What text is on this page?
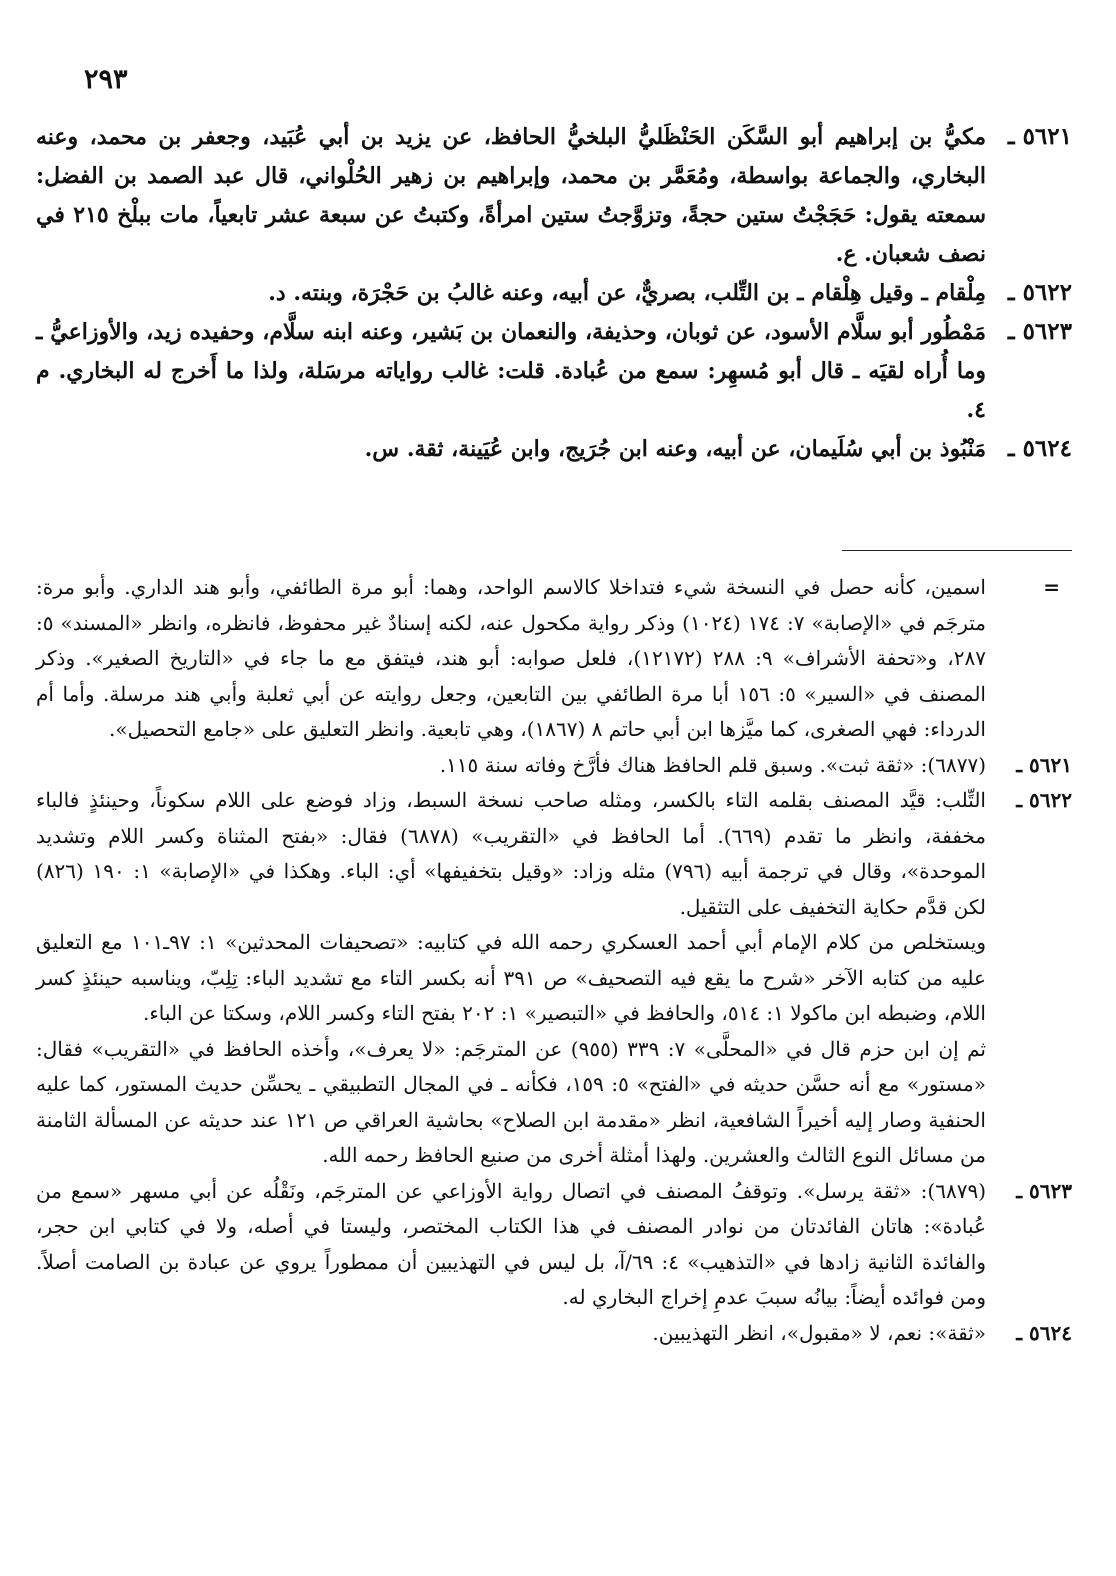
٢٩٣
٥٦٢١ ـ
مكيُّ بن إبراهيم أبو السَّكَن الحَنْظَليُّ البلخيُّ الحافظ، عن يزيد بن أبي عُبَيد، وجعفر بن محمد، وعنه البخاري، والجماعة بواسطة، ومُعَمَّر بن محمد، وإبراهيم بن زهير الحُلْواني، قال عبد الصمد بن الفضل: سمعته يقول: حَجَجْتُ ستين حجةً، وتزوَّجتُ ستين امرأةً، وكتبتُ عن سبعة عشر تابعياً، مات ببلْخ ٢١٥ في نصف شعبان. ع.
٥٦٢٢ ـ
مِلْقام ـ وقيل هِلْقام ـ بن التِّلب، بصريٌّ، عن أبيه، وعنه غالبُ بن حَجْرَة، وبنته. د.
٥٦٢٣ ـ
مَمْطُور أبو سلَّام الأسود، عن ثوبان، وحذيفة، والنعمان بن بَشير، وعنه ابنه سلَّام، وحفيده زيد، والأوزاعيُّ ـ وما أُراه لقيَه ـ قال أبو مُسهِر: سمع من عُبادة. قلت: غالب رواياته مرسَلة، ولذا ما أَخرج له البخاري. م ٤.
٥٦٢٤ ـ
مَنْبُوذ بن أبي سُلَيمان، عن أبيه، وعنه ابن جُرَيج، وابن عُيَينة، ثقة. س.
=
اسمين، كأنه حصل في النسخة شيء فتداخلا كالاسم الواحد، وهما: أبو مرة الطائفي، وأبو هند الداري. وأبو مرة: مترجَم في «الإصابة» ٧: ١٧٤ (١٠٢٤) وذكر رواية مكحول عنه، لكنه إسنادٌ غير محفوظ، فانظره، وانظر «المسند» ٥: ٢٨٧، و«تحفة الأشراف» ٩: ٢٨٨ (١٢١٧٢)، فلعل صوابه: أبو هند، فيتفق مع ما جاء في «التاريخ الصغير». وذكر المصنف في «السير» ٥: ١٥٦ أبا مرة الطائفي بين التابعين، وجعل روايته عن أبي ثعلبة وأبي هند مرسلة. وأما أم الدرداء: فهي الصغرى، كما ميَّزها ابن أبي حاتم ٨ (١٨٦٧)، وهي تابعية. وانظر التعليق على «جامع التحصيل».
٥٦٢١ ـ
(٦٨٧٧): «ثقة ثبت». وسبق قلم الحافظ هناك فأرَّخ وفاته سنة ١١٥.
٥٦٢٢ ـ
التِّلب: قيَّد المصنف بقلمه التاء بالكسر، ومثله صاحب نسخة السبط، وزاد فوضع على اللام سكوناً، وحينئذٍ فالباء مخففة، وانظر ما تقدم (٦٦٩). أما الحافظ في «التقريب» (٦٨٧٨) فقال: «بفتح المثناة وكسر اللام وتشديد الموحدة»، وقال في ترجمة أبيه (٧٩٦) مثله وزاد: «وقيل بتخفيفها» أي: الباء. وهكذا في «الإصابة» ١: ١٩٠ (٨٢٦) لكن قدَّم حكاية التخفيف على التثقيل.
ويستخلص من كلام الإمام أبي أحمد العسكري رحمه الله في كتابيه: «تصحيفات المحدثين» ١: ٩٧ـ١٠١ مع التعليق عليه من كتابه الآخر «شرح ما يقع فيه التصحيف» ص ٣٩١ أنه بكسر التاء مع تشديد الباء: تِلِبّ، ويناسبه حينئذٍ كسر اللام، وضبطه ابن ماكولا ١: ٥١٤، والحافظ في «التبصير» ١: ٢٠٢ بفتح التاء وكسر اللام، وسكتا عن الباء.
ثم إن ابن حزم قال في «المحلَّى» ٧: ٣٣٩ (٩٥٥) عن المترجَم: «لا يعرف»، وأخذه الحافظ في «التقريب» فقال: «مستور» مع أنه حسَّن حديثه في «الفتح» ٥: ١٥٩، فكأنه ـ في المجال التطبيقي ـ يحسِّن حديث المستور، كما عليه الحنفية وصار إليه أخيراً الشافعية، انظر «مقدمة ابن الصلاح» بحاشية العراقي ص ١٢١ عند حديثه عن المسألة الثامنة من مسائل النوع الثالث والعشرين. ولهذا أمثلة أخرى من صنيع الحافظ رحمه الله.
٥٦٢٣ ـ
(٦٨٧٩): «ثقة يرسل». وتوقفُ المصنف في اتصال رواية الأوزاعي عن المترجَم، ونَقْلُه عن أبي مسهر «سمع من عُبادة»: هاتان الفائدتان من نوادر المصنف في هذا الكتاب المختصر، وليستا في أصله، ولا في كتابي ابن حجر، والفائدة الثانية زادها في «التذهيب» ٤: ٦٩/آ، بل ليس في التهذيبين أن ممطوراً يروي عن عبادة بن الصامت أصلاً. ومن فوائده أيضاً: بيانُه سببَ عدمِ إخراج البخاري له.
٥٦٢٤ ـ
«ثقة»: نعم، لا «مقبول»، انظر التهذيبين.
